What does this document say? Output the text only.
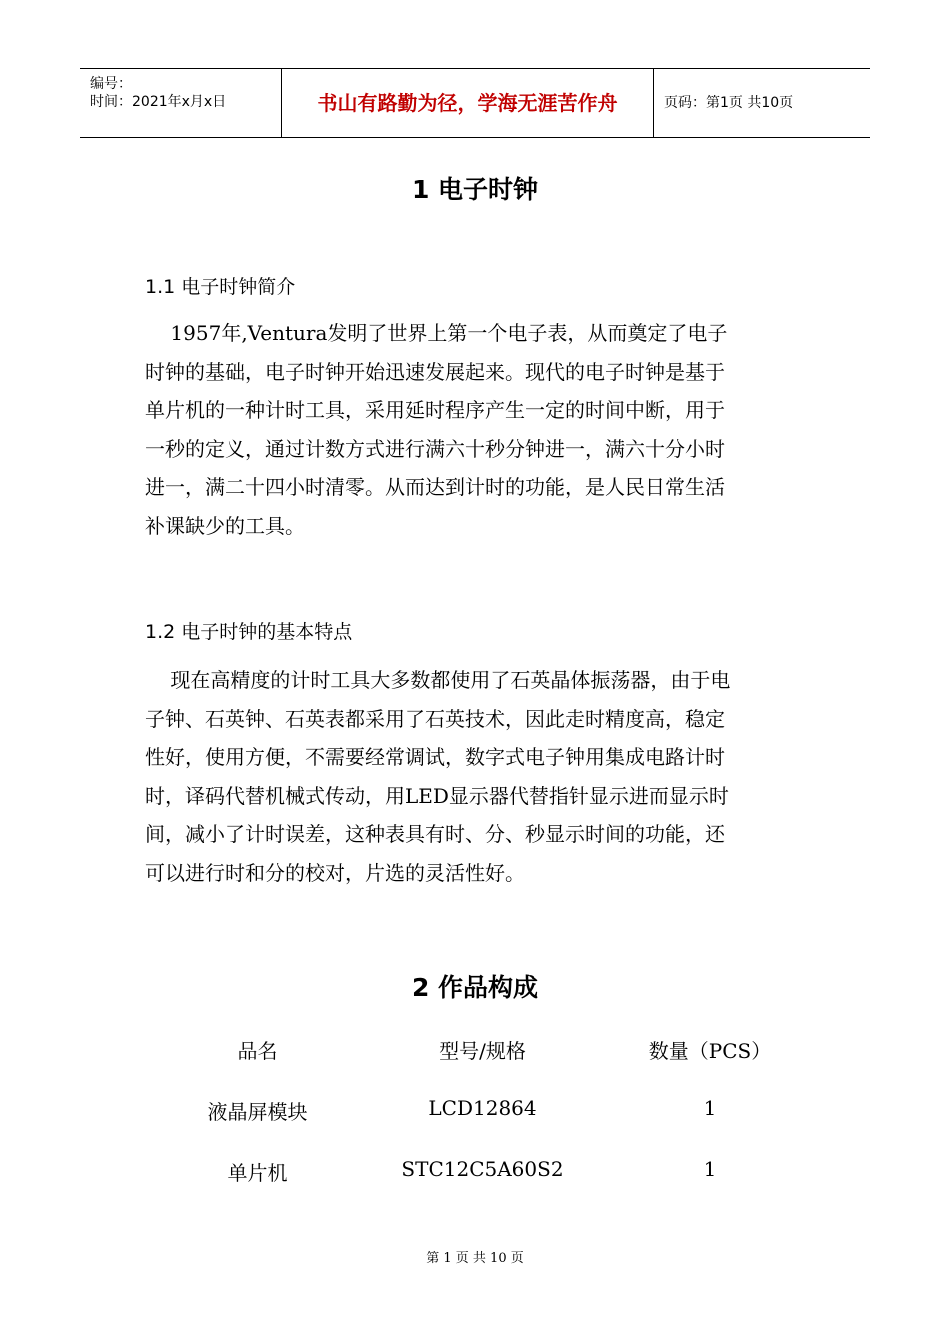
编号：
时间：2021年x月x日	书山有路勤为径，学海无涯苦作舟	页码：第1页 共10页
1 电子时钟
1.1 电子时钟简介
1957年,Ventura发明了世界上第一个电子表，从而奠定了电子
时钟的基础，电子时钟开始迅速发展起来。现代的电子时钟是基于
单片机的一种计时工具，采用延时程序产生一定的时间中断，用于
一秒的定义，通过计数方式进行满六十秒分钟进一，满六十分小时
进一，满二十四小时清零。从而达到计时的功能，是人民日常生活
补课缺少的工具。
1.2 电子时钟的基本特点
现在高精度的计时工具大多数都使用了石英晶体振荡器，由于电
子钟、石英钟、石英表都采用了石英技术，因此走时精度高，稳定
性好，使用方便，不需要经常调试，数字式电子钟用集成电路计时
时，译码代替机械式传动，用LED显示器代替指针显示进而显示时
间，减小了计时误差，这种表具有时、分、秒显示时间的功能，还
可以进行时和分的校对，片选的灵活性好。
2 作品构成
品名	型号/规格	数量（PCS）
液晶屏模块	LCD12864	1
单片机	STC12C5A60S2	1
第 1 页 共 10 页
